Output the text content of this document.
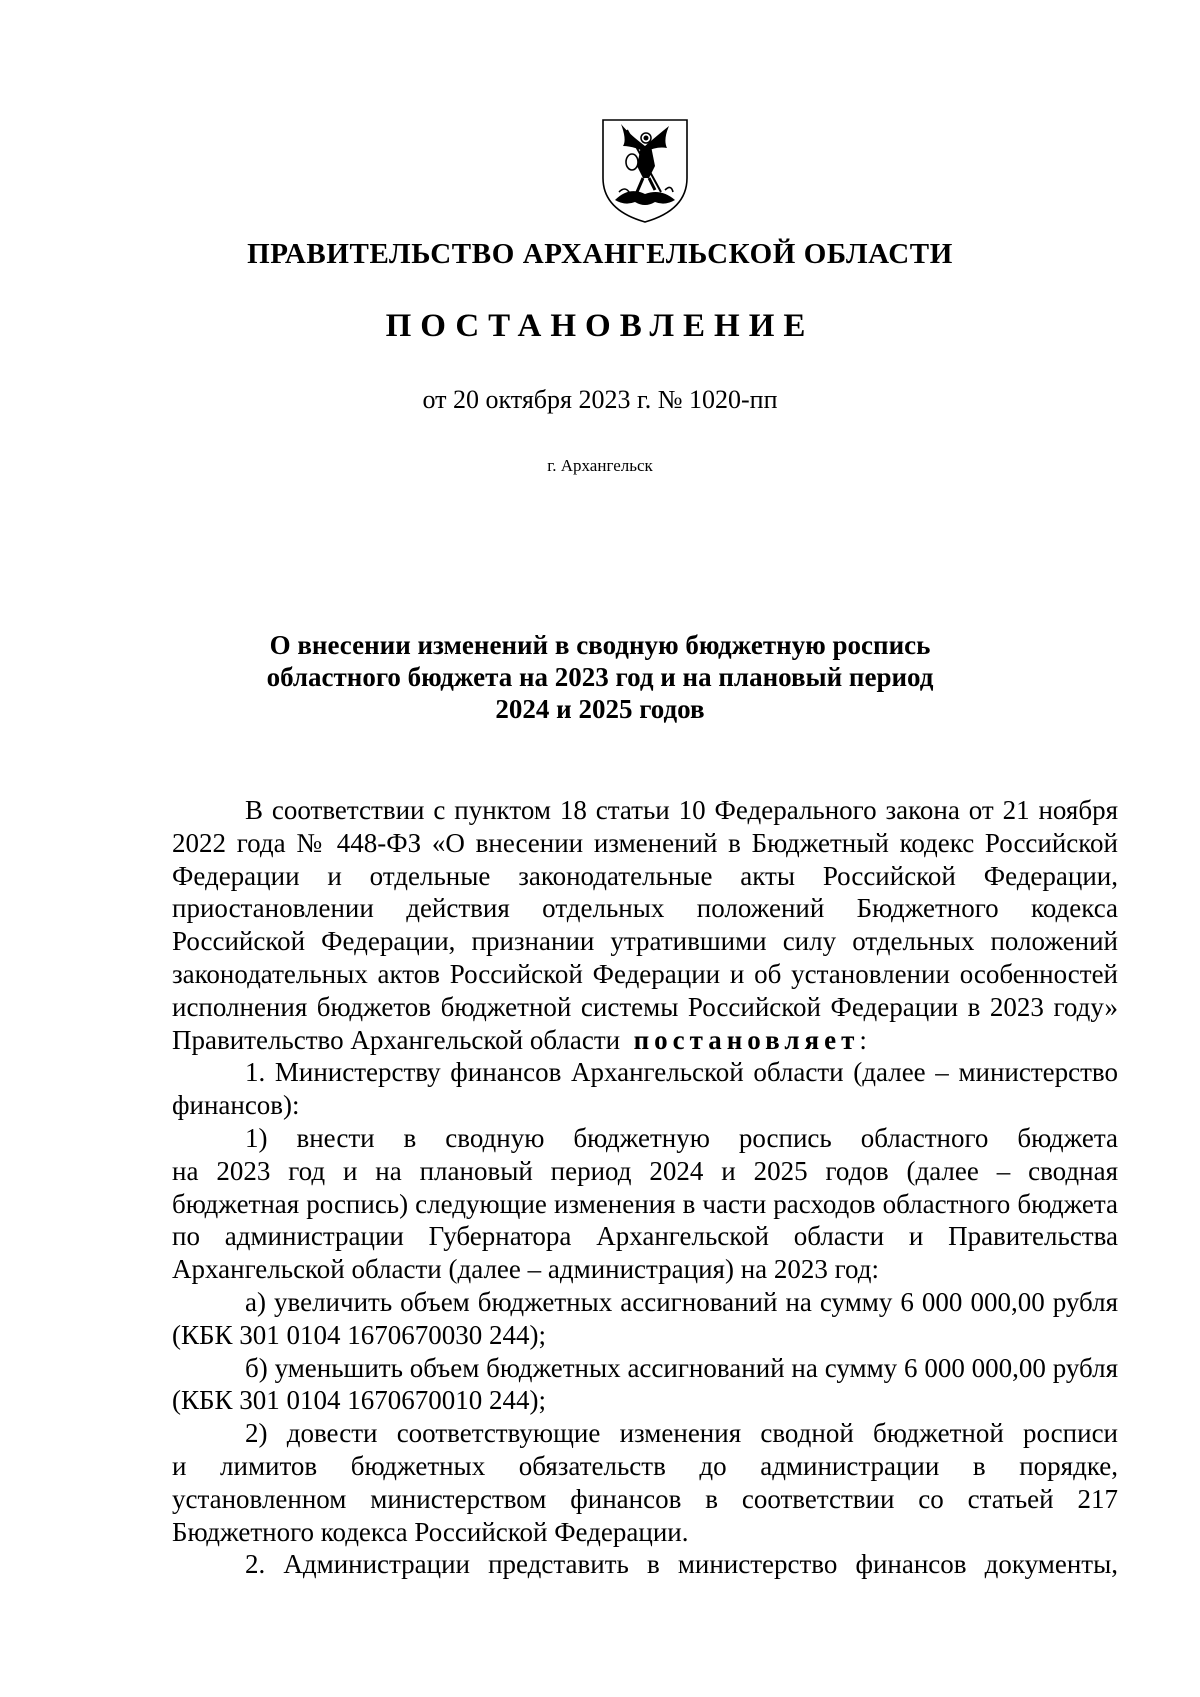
ПРАВИТЕЛЬСТВО АРХАНГЕЛЬСКОЙ ОБЛАСТИ
ПОСТАНОВЛЕНИЕ
от 20 октября 2023 г. № 1020-пп
г. Архангельск
О внесении изменений в сводную бюджетную роспись
областного бюджета на 2023 год и на плановый период
2024 и 2025 годов
В соответствии с пунктом 18 статьи 10 Федерального закона от 21 ноября
2022 года № 448-ФЗ «О внесении изменений в Бюджетный кодекс Российской
Федерации и отдельные законодательные акты Российской Федерации,
приостановлении действия отдельных положений Бюджетного кодекса
Российской Федерации, признании утратившими силу отдельных положений
законодательных актов Российской Федерации и об установлении особенностей
исполнения бюджетов бюджетной системы Российской Федерации в 2023 году»
Правительство Архангельской области постановляет:
1. Министерству финансов Архангельской области (далее – министерство
финансов):
1) внести в сводную бюджетную роспись областного бюджета
на 2023 год и на плановый период 2024 и 2025 годов (далее – сводная
бюджетная роспись) следующие изменения в части расходов областного бюджета
по администрации Губернатора Архангельской области и Правительства
Архангельской области (далее – администрация) на 2023 год:
а) увеличить объем бюджетных ассигнований на сумму 6 000 000,00 рубля
(КБК 301 0104 1670670030 244);
б) уменьшить объем бюджетных ассигнований на сумму 6 000 000,00 рубля
(КБК 301 0104 1670670010 244);
2) довести соответствующие изменения сводной бюджетной росписи
и лимитов бюджетных обязательств до администрации в порядке,
установленном министерством финансов в соответствии со статьей 217
Бюджетного кодекса Российской Федерации.
2. Администрации представить в министерство финансов документы,
